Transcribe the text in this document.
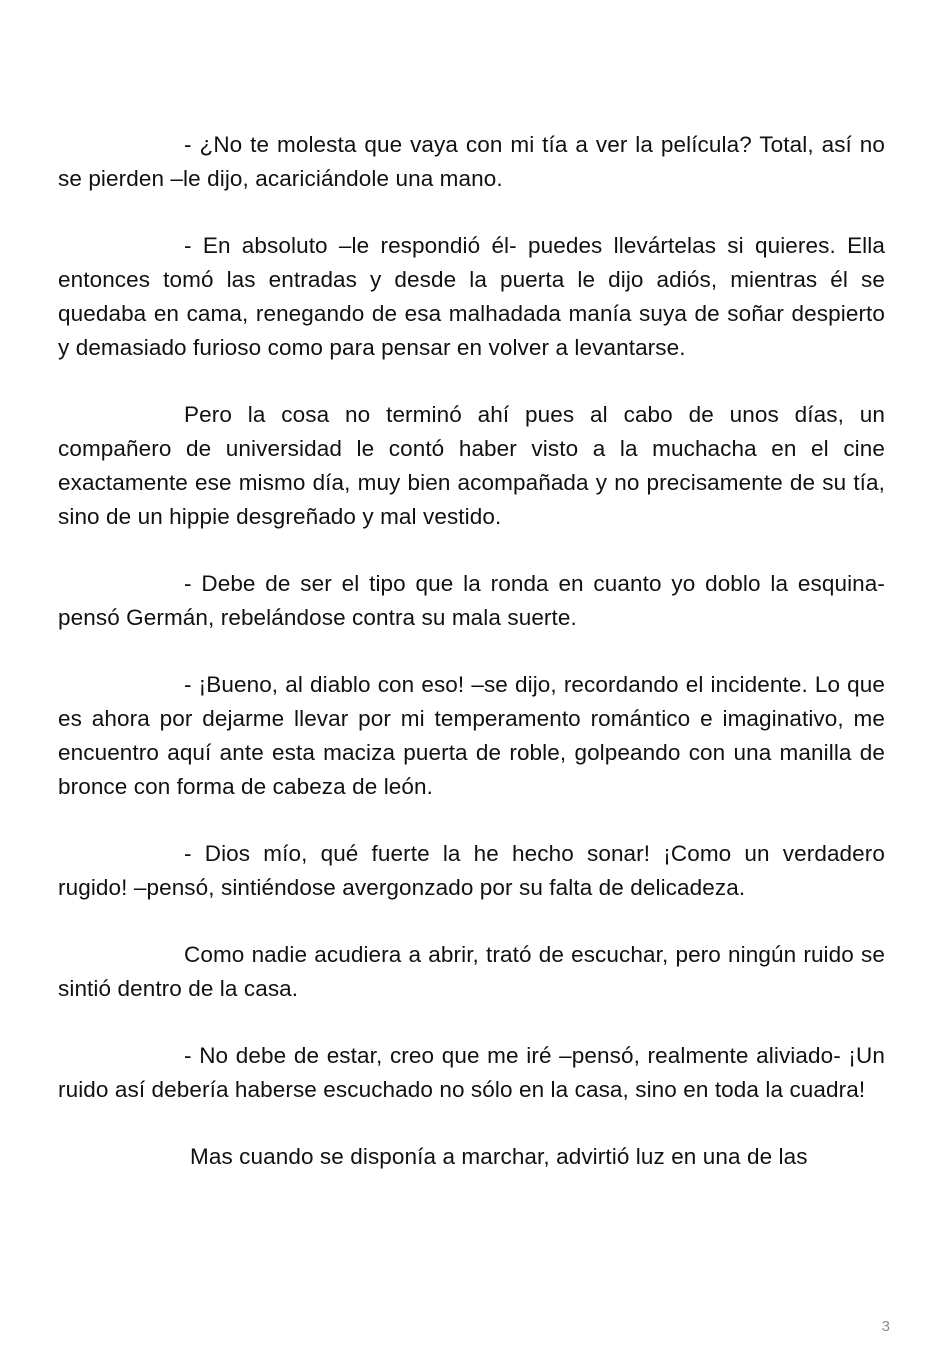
- ¿No te molesta que vaya con mi tía a ver la película? Total, así no se pierden –le dijo, acariciándole una mano.

- En absoluto –le respondió él- puedes llevártelas si quieres. Ella entonces tomó las entradas y desde la puerta le dijo adiós, mientras él se quedaba en cama, renegando de esa malhadada manía suya de soñar despierto y demasiado furioso como para pensar en volver a levantarse.

Pero la cosa no terminó ahí pues al cabo de unos días, un compañero de universidad le contó haber visto a la muchacha en el cine exactamente ese mismo día, muy bien acompañada y no precisamente de su tía, sino de un hippie desgreñado y mal vestido.

- Debe de ser el tipo que la ronda en cuanto yo doblo la esquina- pensó Germán, rebelándose contra su mala suerte.

- ¡Bueno, al diablo con eso! –se dijo, recordando el incidente. Lo que es ahora por dejarme llevar por mi temperamento romántico e imaginativo, me encuentro aquí ante esta maciza puerta de roble, golpeando con una manilla de bronce con forma de cabeza de león.

- Dios mío, qué fuerte la he hecho sonar! ¡Como un verdadero rugido! –pensó, sintiéndose avergonzado por su falta de delicadeza.

Como nadie acudiera a abrir, trató de escuchar, pero ningún ruido se sintió dentro de la casa.

- No debe de estar, creo que me iré –pensó, realmente aliviado- ¡Un ruido así debería haberse escuchado no sólo en la casa, sino en toda la cuadra!

Mas cuando se disponía a marchar, advirtió luz en una de las

3
